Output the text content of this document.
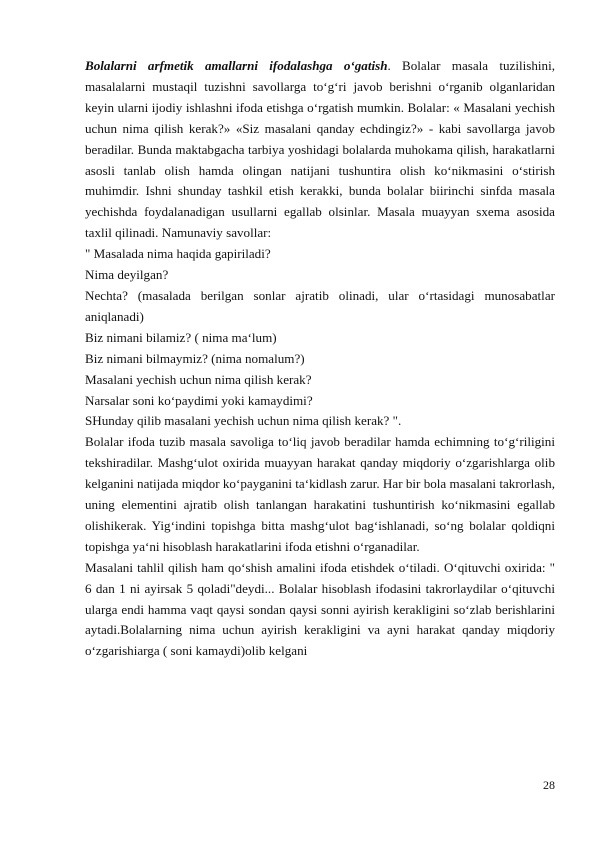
Bolalarni arfmetik amallarni ifodalashga o‘gatish. Bolalar masala tuzilishini, masalalarni mustaqil tuzishni savollarga to‘g‘ri javob berishni o‘rganib olganlaridan keyin ularni ijodiy ishlashni ifoda etishga o‘rgatish mumkin. Bolalar: « Masalani yechish uchun nima qilish kerak?» «Siz masalani qanday echdingiz?» - kabi savollarga javob beradilar. Bunda maktabgacha tarbiya yoshidagi bolalarda muhokama qilish, harakatlarni asosli tanlab olish hamda olingan natijani tushuntira olish ko‘nikmasini o‘stirish muhimdir. Ishni shunday tashkil etish kerakki, bunda bolalar biirinchi sinfda masala yechishda foydalanadigan usullarni egallab olsinlar. Masala muayyan sxema asosida taxlil qilinadi. Namunaviy savollar:

" Masalada nima haqida gapiriladi?

Nima deyilgan?

Nechta? (masalada berilgan sonlar ajratib olinadi, ular o‘rtasidagi munosabatlar aniqlanadi)

Biz nimani bilamiz? ( nima ma‘lum)

Biz nimani bilmaymiz? (nima nomalum?)

Masalani yechish uchun nima qilish kerak?

Narsalar soni ko‘paydimi yoki kamaydimi?

SHunday qilib masalani yechish uchun nima qilish kerak? ".

Bolalar ifoda tuzib masala savoliga to‘liq javob beradilar hamda echimning to‘g‘riligini tekshiradilar. Mashg‘ulot oxirida muayyan harakat qanday miqdoriy o‘zgarishlarga olib kelganini natijada miqdor ko‘payganini ta‘kidlash zarur. Har bir bola masalani takrorlash, uning elementini ajratib olish tanlangan harakatini tushuntirish ko‘nikmasini egallab olishikerak. Yig‘indini topishga bitta mashg‘ulot bag‘ishlanadi, so‘ng bolalar qoldiqni topishga ya‘ni hisoblash harakatlarini ifoda etishni o‘rganadilar.

Masalani tahlil qilish ham qo‘shish amalini ifoda etishdek o‘tiladi. O‘qituvchi oxirida: " 6 dan 1 ni ayirsak 5 qoladi"deydi... Bolalar hisoblash ifodasini takrorlaydilar o‘qituvchi ularga endi hamma vaqt qaysi sondan qaysi sonni ayirish kerakligini so‘zlab berishlarini aytadi.Bolalarning nima uchun ayirish kerakligini va ayni harakat qanday miqdoriy o‘zgarishiarga ( soni kamaydi)olib kelgani

28
